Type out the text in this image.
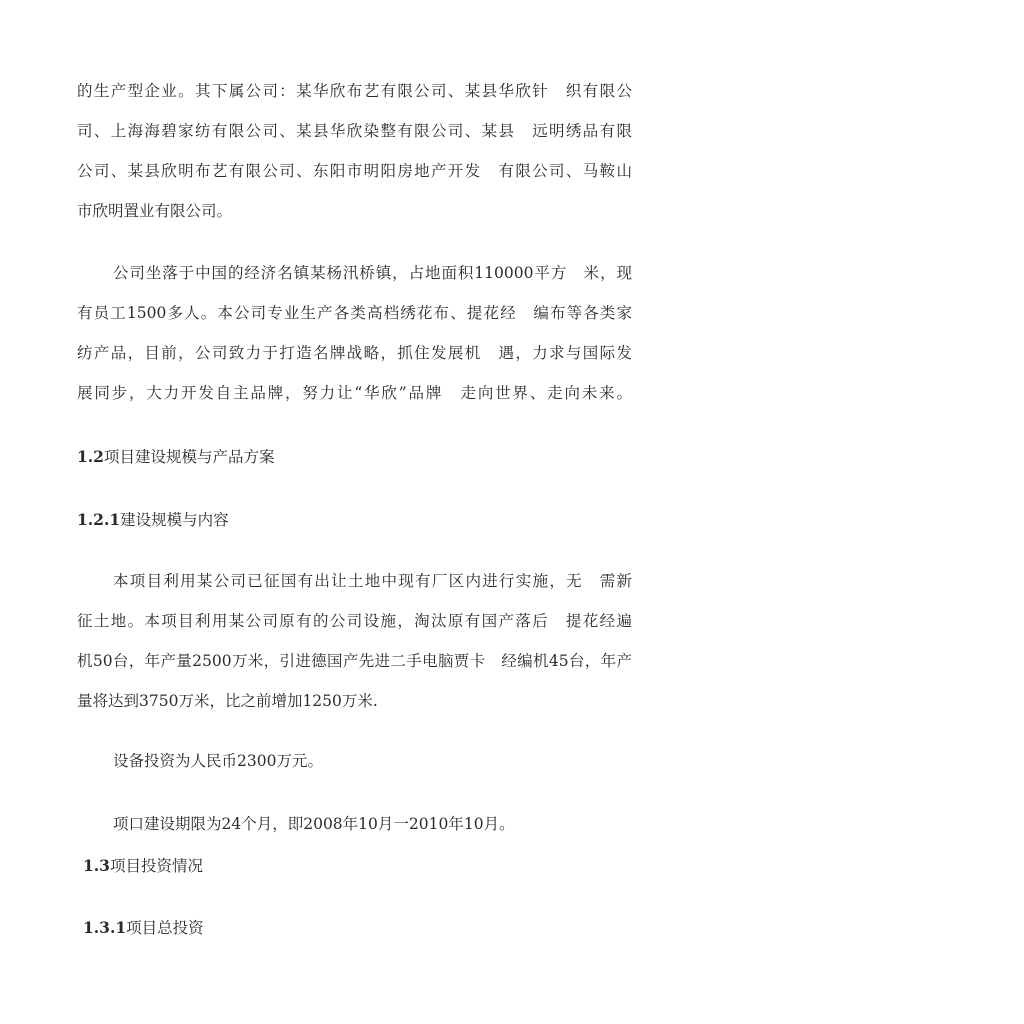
的生产型企业。其下属公司：某华欣布艺有限公司、某县华欣针　织有限公
司、上海海碧家纺有限公司、某县华欣染整有限公司、某县　远明绣品有限
公司、某县欣明布艺有限公司、东阳市明阳房地产开发　有限公司、马鞍山
市欣明置业有限公司。
公司坐落于中国的经济名镇某杨汛桥镇，占地面积110000平方　米，现
有员工1500多人。本公司专业生产各类高档绣花布、提花经　编布等各类家
纺产品，目前，公司致力于打造名牌战略，抓住发展机　遇，力求与国际发
展同步，大力开发自主品牌，努力让“华欣”品牌　走向世界、走向未来。
1.2项目建设规模与产品方案
1.2.1建设规模与内容
本项目利用某公司已征国有出让土地中现有厂区内进行实施，无　需新
征土地。本项目利用某公司原有的公司设施，淘汰原有国产落后　提花经遍
机50台，年产量2500万米，引进德国产先进二手电脑贾卡　经编机45台，年产
量将达到3750万米，比之前增加1250万米.
设备投资为人民币2300万元。
项口建设期限为24个月，即2008年10月一2010年10月。
1.3项目投资情况
1.3.1项目总投资
